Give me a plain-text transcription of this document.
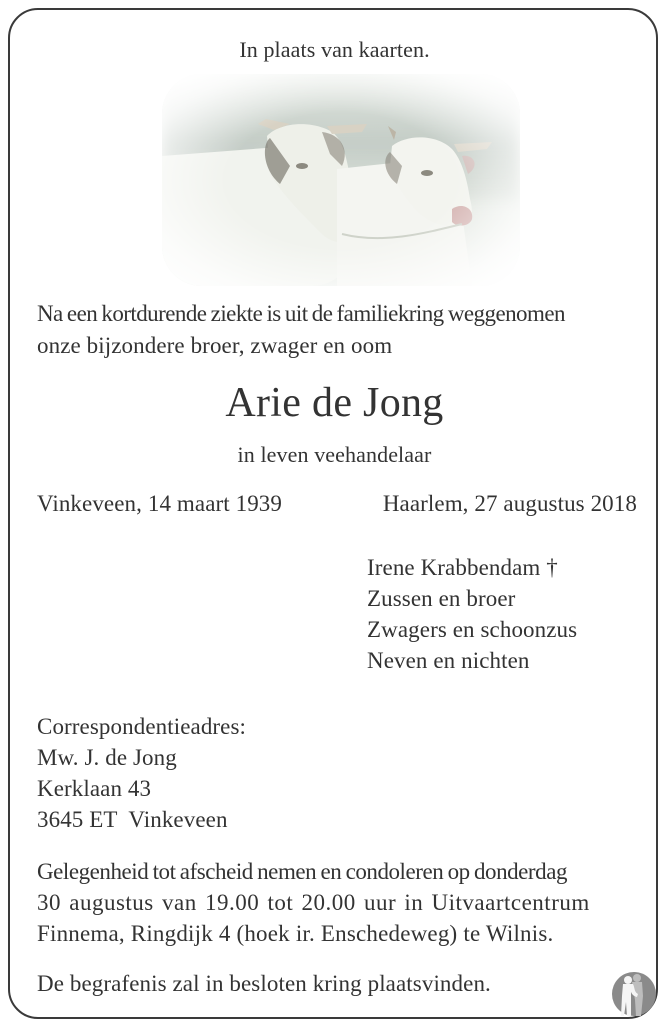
In plaats van kaarten.
Na een kortdurende ziekte is uit de familiekring weggenomen
onze bijzondere broer, zwager en oom
Arie de Jong
in leven veehandelaar
Vinkeveen, 14 maart 1939	Haarlem, 27 augustus 2018
Irene Krabbendam †
Zussen en broer
Zwagers en schoonzus
Neven en nichten
Correspondentieadres:
Mw. J. de Jong
Kerklaan 43
3645 ET  Vinkeveen
Gelegenheid tot afscheid nemen en condoleren op donderdag
30 augustus van 19.00 tot 20.00 uur in Uitvaartcentrum
Finnema, Ringdijk 4 (hoek ir. Enschedeweg) te Wilnis.
De begrafenis zal in besloten kring plaatsvinden.
